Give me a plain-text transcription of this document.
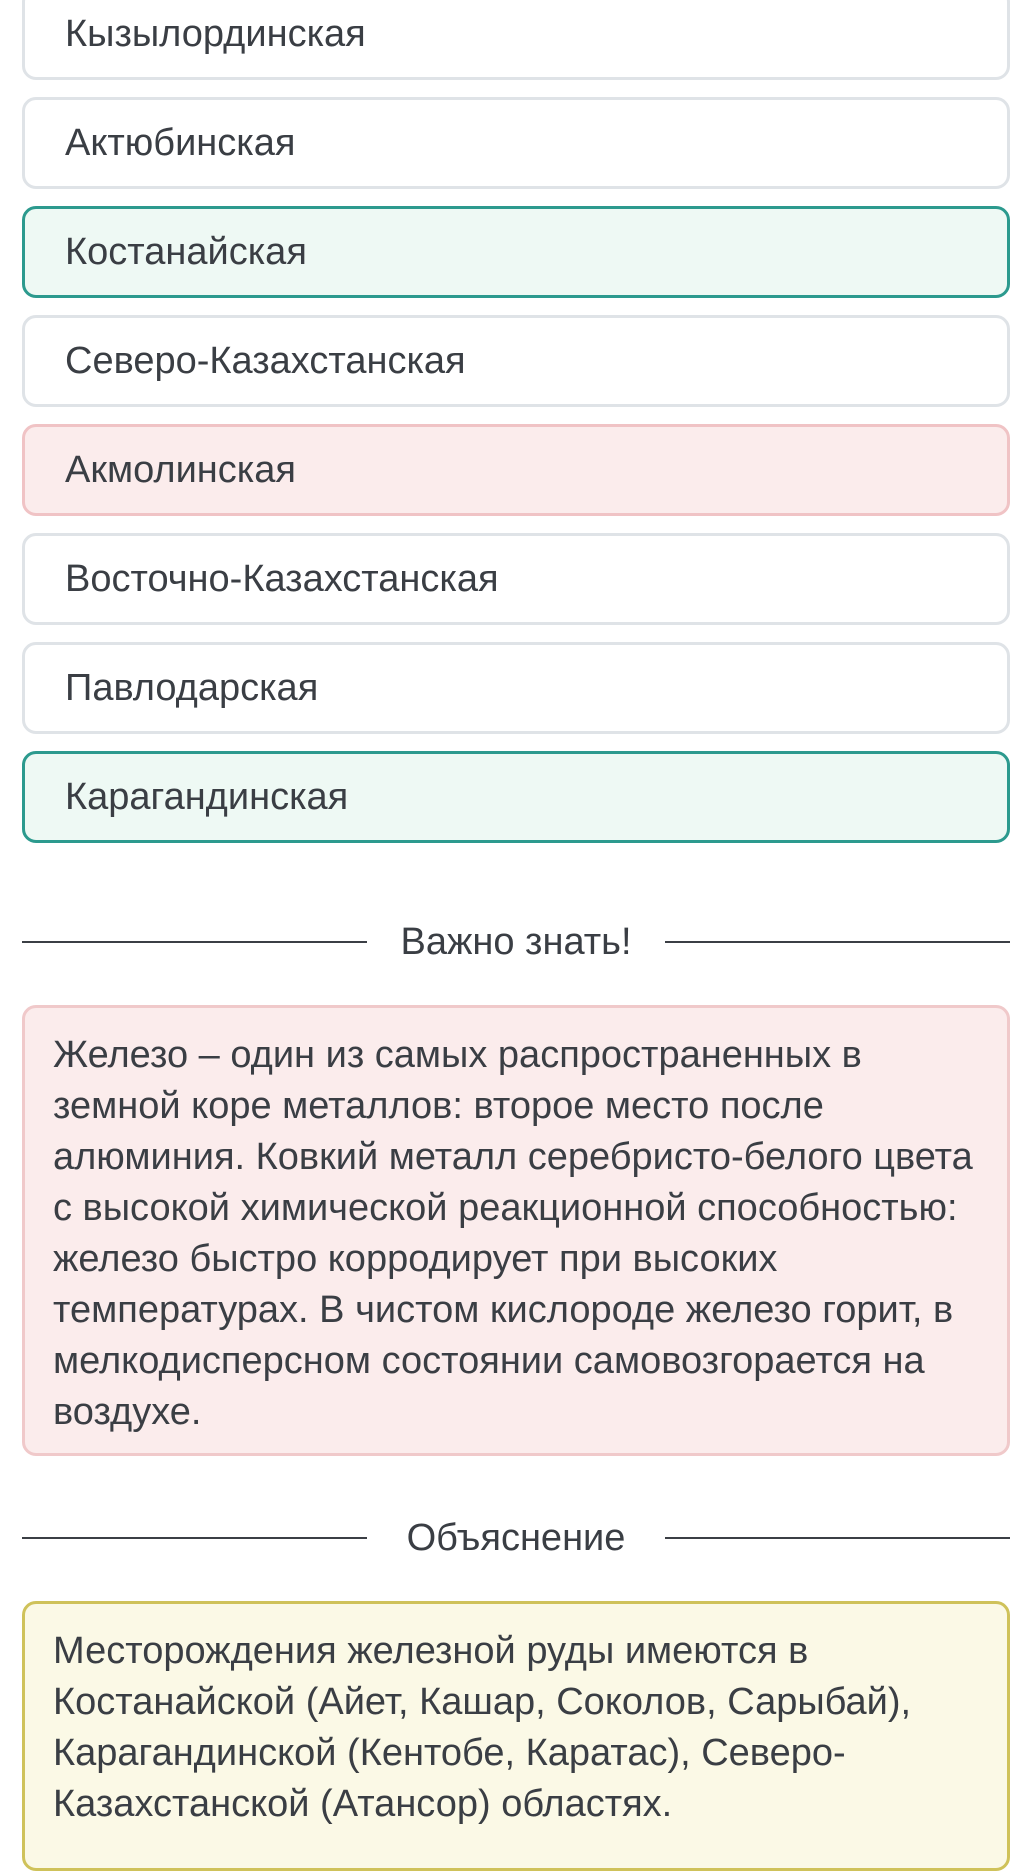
Кызылординская
Актюбинская
Костанайская
Северо-Казахстанская
Акмолинская
Восточно-Казахстанская
Павлодарская
Карагандинская
Важно знать!
Железо – один из самых распространенных в земной коре металлов: второе место после алюминия. Ковкий металл серебристо-белого цвета с высокой химической реакционной способностью: железо быстро корродирует при высоких температурах. В чистом кислороде железо горит, в мелкодисперсном состоянии самовозгорается на воздухе.
Объяснение
Месторождения железной руды имеются в Костанайской (Айет, Кашар, Соколов, Сарыбай), Карагандинской (Кентобе, Каратас), Северо-Казахстанской (Атансор) областях.
